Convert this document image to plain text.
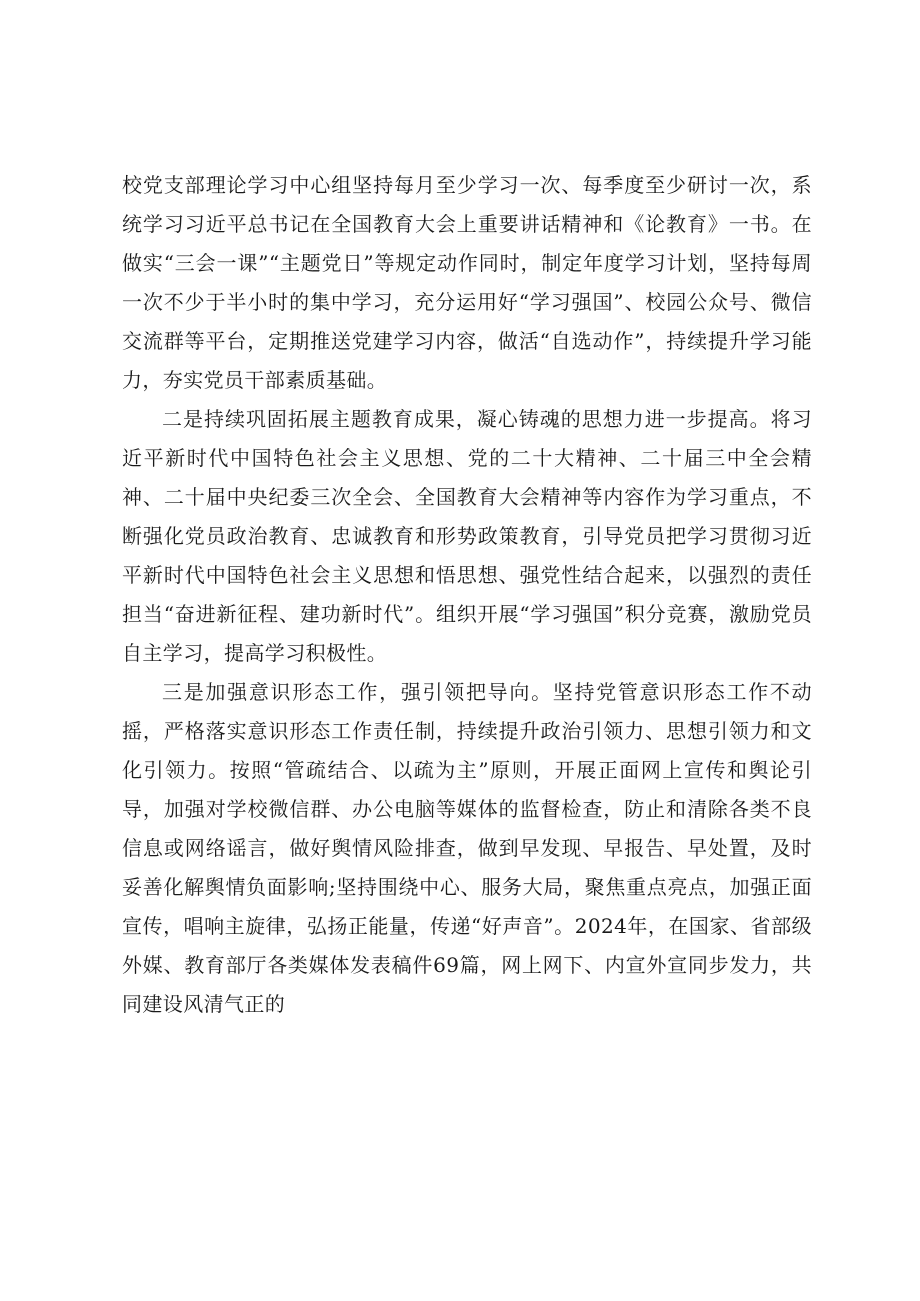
校党支部理论学习中心组坚持每月至少学习一次、每季度至少研讨一次，系统学习习近平总书记在全国教育大会上重要讲话精神和《论教育》一书。在做实“三会一课”“主题党日”等规定动作同时，制定年度学习计划，坚持每周一次不少于半小时的集中学习，充分运用好“学习强国”、校园公众号、微信交流群等平台，定期推送党建学习内容，做活“自选动作”，持续提升学习能力，夯实党员干部素质基础。

二是持续巩固拓展主题教育成果，凝心铸魂的思想力进一步提高。将习近平新时代中国特色社会主义思想、党的二十大精神、二十届三中全会精神、二十届中央纪委三次全会、全国教育大会精神等内容作为学习重点，不断强化党员政治教育、忠诚教育和形势政策教育，引导党员把学习贯彻习近平新时代中国特色社会主义思想和悟思想、强党性结合起来，以强烈的责任担当“奋进新征程、建功新时代”。组织开展“学习强国”积分竞赛，激励党员自主学习，提高学习积极性。

三是加强意识形态工作，强引领把导向。坚持党管意识形态工作不动摇，严格落实意识形态工作责任制，持续提升政治引领力、思想引领力和文化引领力。按照“管疏结合、以疏为主”原则，开展正面网上宣传和舆论引导，加强对学校微信群、办公电脑等媒体的监督检查，防止和清除各类不良信息或网络谣言，做好舆情风险排查，做到早发现、早报告、早处置，及时妥善化解舆情负面影响;坚持围绕中心、服务大局，聚焦重点亮点，加强正面宣传，唱响主旋律，弘扬正能量，传递“好声音”。2024年，在国家、省部级外媒、教育部厅各类媒体发表稿件69篇，网上网下、内宣外宣同步发力，共同建设风清气正的
